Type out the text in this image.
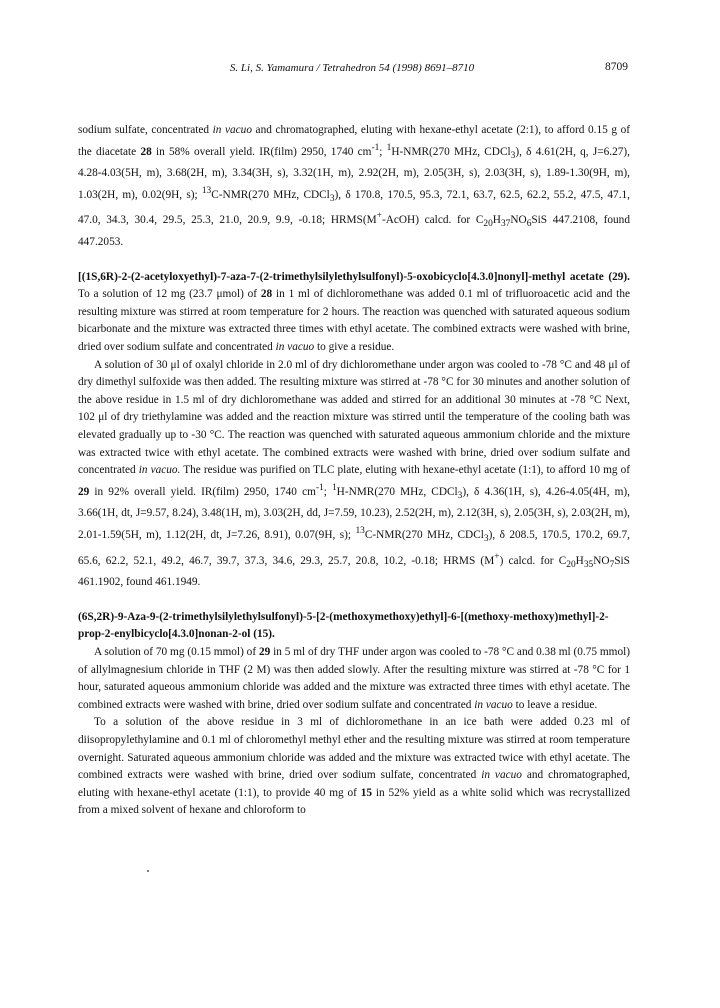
S. Li, S. Yamamura / Tetrahedron 54 (1998) 8691–8710	8709

sodium sulfate, concentrated in vacuo and chromatographed, eluting with hexane-ethyl acetate (2:1), to afford 0.15 g of the diacetate 28 in 58% overall yield. IR(film) 2950, 1740 $cm^{-1}$; $^1$H-NMR(270 MHz, CDCl$_3$), δ 4.61(2H, q, J=6.27), 4.28-4.03(5H, m), 3.68(2H, m), 3.34(3H, s), 3.32(1H, m), 2.92(2H, m), 2.05(3H, s), 2.03(3H, s), 1.89-1.30(9H, m), 1.03(2H, m), 0.02(9H, s); $^{13}$C-NMR(270 MHz, CDCl$_3$), δ 170.8, 170.5, 95.3, 72.1, 63.7, 62.5, 62.2, 55.2, 47.5, 47.1, 47.0, 34.3, 30.4, 29.5, 25.3, 21.0, 20.9, 9.9, -0.18; HRMS(M+-AcOH) calcd. for $C_{20}H_{37}NO_6SiS$ 447.2108, found 447.2053.

[(1S,6R)-2-(2-acetyloxyethyl)-7-aza-7-(2-trimethylsilylethylsulfonyl)-5-oxobicyclo[4.3.0]nonyl]-methyl acetate (29). To a solution of 12 mg (23.7 μmol) of 28 in 1 ml of dichloromethane was added 0.1 ml of trifluoroacetic acid and the resulting mixture was stirred at room temperature for 2 hours. The reaction was quenched with saturated aqueous sodium bicarbonate and the mixture was extracted three times with ethyl acetate. The combined extracts were washed with brine, dried over sodium sulfate and concentrated in vacuo to give a residue.

A solution of 30 μl of oxalyl chloride in 2.0 ml of dry dichloromethane under argon was cooled to -78 °C and 48 μl of dry dimethyl sulfoxide was then added. The resulting mixture was stirred at -78 °C for 30 minutes and another solution of the above residue in 1.5 ml of dry dichloromethane was added and stirred for an additional 30 minutes at -78 °C Next, 102 μl of dry triethylamine was added and the reaction mixture was stirred until the temperature of the cooling bath was elevated gradually up to -30 °C. The reaction was quenched with saturated aqueous ammonium chloride and the mixture was extracted twice with ethyl acetate. The combined extracts were washed with brine, dried over sodium sulfate and concentrated in vacuo. The residue was purified on TLC plate, eluting with hexane-ethyl acetate (1:1), to afford 10 mg of 29 in 92% overall yield. IR(film) 2950, 1740 $cm^{-1}$; $^1$H-NMR(270 MHz, CDCl$_3$), δ 4.36(1H, s), 4.26-4.05(4H, m), 3.66(1H, dt, J=9.57, 8.24), 3.48(1H, m), 3.03(2H, dd, J=7.59, 10.23), 2.52(2H, m), 2.12(3H, s), 2.05(3H, s), 2.03(2H, m), 2.01-1.59(5H, m), 1.12(2H, dt, J=7.26, 8.91), 0.07(9H, s); $^{13}$C-NMR(270 MHz, CDCl$_3$), δ 208.5, 170.5, 170.2, 69.7, 65.6, 62.2, 52.1, 49.2, 46.7, 39.7, 37.3, 34.6, 29.3, 25.7, 20.8, 10.2, -0.18; HRMS (M+) calcd. for $C_{20}H_{35}NO_7SiS$ 461.1902, found 461.1949.

(6S,2R)-9-Aza-9-(2-trimethylsilylethylsulfonyl)-5-[2-(methoxymethoxy)ethyl]-6-[(methoxy-methoxy)methyl]-2-prop-2-enylbicyclo[4.3.0]nonan-2-ol (15).

A solution of 70 mg (0.15 mmol) of 29 in 5 ml of dry THF under argon was cooled to -78 °C and 0.38 ml (0.75 mmol) of allylmagnesium chloride in THF (2 M) was then added slowly. After the resulting mixture was stirred at -78 °C for 1 hour, saturated aqueous ammonium chloride was added and the mixture was extracted three times with ethyl acetate. The combined extracts were washed with brine, dried over sodium sulfate and concentrated in vacuo to leave a residue.

To a solution of the above residue in 3 ml of dichloromethane in an ice bath were added 0.23 ml of diisopropylethylamine and 0.1 ml of chloromethyl methyl ether and the resulting mixture was stirred at room temperature overnight. Saturated aqueous ammonium chloride was added and the mixture was extracted twice with ethyl acetate. The combined extracts were washed with brine, dried over sodium sulfate, concentrated in vacuo and chromatographed, eluting with hexane-ethyl acetate (1:1), to provide 40 mg of 15 in 52% yield as a white solid which was recrystallized from a mixed solvent of hexane and chloroform to
